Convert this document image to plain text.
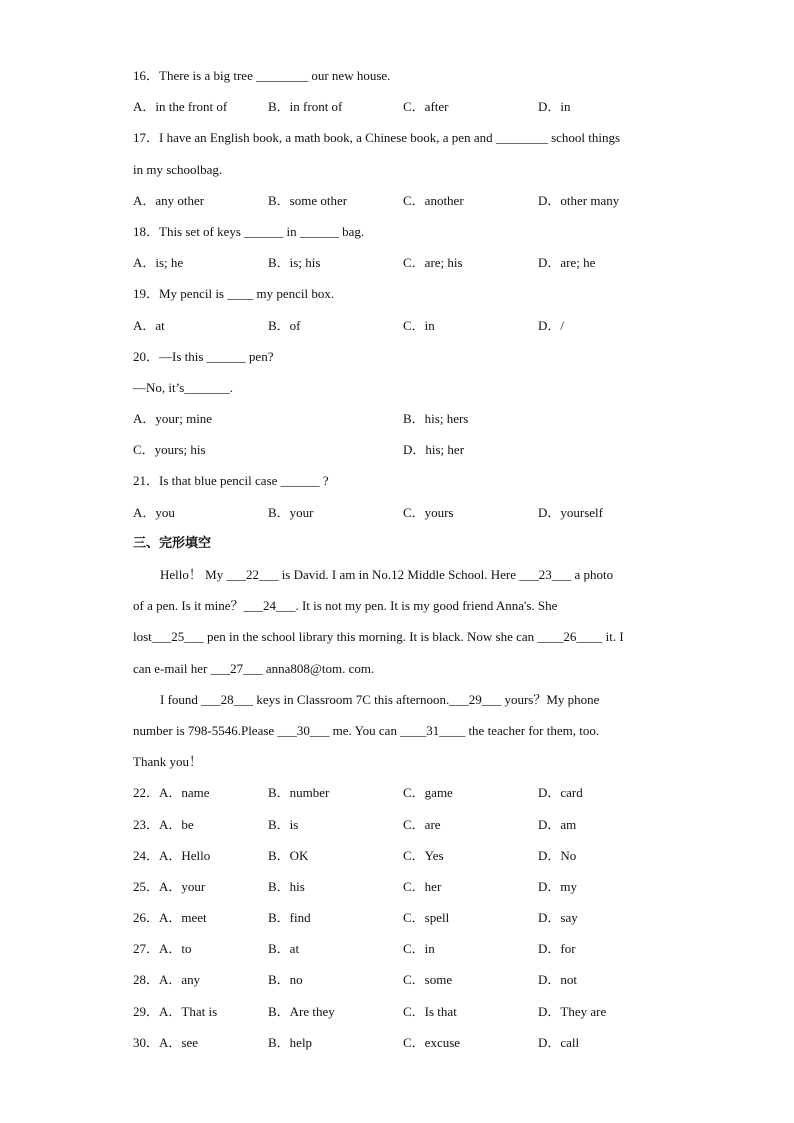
16．There is a big tree ________ our new house.
A．in the front of	B．in front of	C．after	D．in
17．I have an English book, a math book, a Chinese book, a pen and ________ school things
in my schoolbag.
A．any other	B．some other	C．another	D．other many
18．This set of keys ______ in ______ bag.
A．is; he	B．is; his	C．are; his	D．are; he
19．My pencil is ____ my pencil box.
A．at	B．of	C．in	D．/
20．—Is this ______ pen?
—No, it’s_______.
A．your; mine	B．his; hers
C．yours; his	D．his; her
21．Is that blue pencil case ______ ?
A．you	B．your	C．yours	D．yourself
三、完形填空
Hello！ My ___22___ is David. I am in No.12 Middle School. Here ___23___ a photo
of a pen. Is it mine？___24___. It is not my pen. It is my good friend Anna's. She
lost___25___ pen in the school library this morning. It is black. Now she can ____26____ it. I
can e-mail her ___27___ anna808@tom. com.
I found ___28___ keys in Classroom 7C this afternoon.___29___ yours？My phone
number is 798-5546.Please ___30___ me. You can ____31____ the teacher for them, too.
Thank you！
22．A．name	B．number	C．game	D．card
23．A．be	B．is	C．are	D．am
24．A．Hello	B．OK	C．Yes	D．No
25．A．your	B．his	C．her	D．my
26．A．meet	B．find	C．spell	D．say
27．A．to	B．at	C．in	D．for
28．A．any	B．no	C．some	D．not
29．A．That is	B．Are they	C．Is that	D．They are
30．A．see	B．help	C．excuse	D．call
